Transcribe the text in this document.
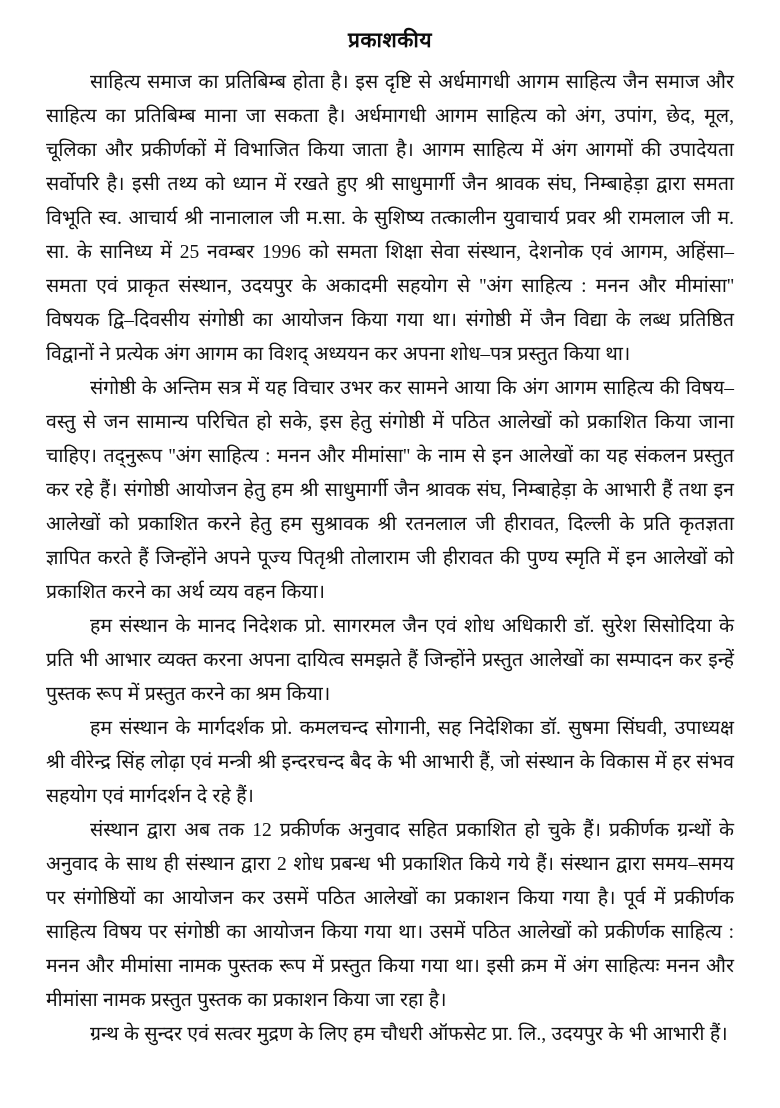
प्रकाशकीय

साहित्य समाज का प्रतिबिम्ब होता है। इस दृष्टि से अर्धमागधी आगम साहित्य जैन समाज और साहित्य का प्रतिबिम्ब माना जा सकता है। अर्धमागधी आगम साहित्य को अंग, उपांग, छेद, मूल, चूलिका और प्रकीर्णकों में विभाजित किया जाता है। आगम साहित्य में अंग आगमों की उपादेयता सर्वोपरि है। इसी तथ्य को ध्यान में रखते हुए श्री साधुमार्गी जैन श्रावक संघ, निम्बाहेड़ा द्वारा समता विभूति स्व. आचार्य श्री नानालाल जी म.सा. के सुशिष्य तत्कालीन युवाचार्य प्रवर श्री रामलाल जी म. सा. के सानिध्य में 25 नवम्बर 1996 को समता शिक्षा सेवा संस्थान, देशनोक एवं आगम, अहिंसा–समता एवं प्राकृत संस्थान, उदयपुर के अकादमी सहयोग से ''अंग साहित्य : मनन और मीमांसा'' विषयक द्वि–दिवसीय संगोष्ठी का आयोजन किया गया था। संगोष्ठी में जैन विद्या के लब्ध प्रतिष्ठित विद्वानों ने प्रत्येक अंग आगम का विशद् अध्ययन कर अपना शोध–पत्र प्रस्तुत किया था।

संगोष्ठी के अन्तिम सत्र में यह विचार उभर कर सामने आया कि अंग आगम साहित्य की विषय–वस्तु से जन सामान्य परिचित हो सके, इस हेतु संगोष्ठी में पठित आलेखों को प्रकाशित किया जाना चाहिए। तद्नुरूप ''अंग साहित्य : मनन और मीमांसा'' के नाम से इन आलेखों का यह संकलन प्रस्तुत कर रहे हैं। संगोष्ठी आयोजन हेतु हम श्री साधुमार्गी जैन श्रावक संघ, निम्बाहेड़ा के आभारी हैं तथा इन आलेखों को प्रकाशित करने हेतु हम सुश्रावक श्री रतनलाल जी हीरावत, दिल्ली के प्रति कृतज्ञता ज्ञापित करते हैं जिन्होंने अपने पूज्य पितृश्री तोलाराम जी हीरावत की पुण्य स्मृति में इन आलेखों को प्रकाशित करने का अर्थ व्यय वहन किया।

हम संस्थान के मानद निदेशक प्रो. सागरमल जैन एवं शोध अधिकारी डॉ. सुरेश सिसोदिया के प्रति भी आभार व्यक्त करना अपना दायित्व समझते हैं जिन्होंने प्रस्तुत आलेखों का सम्पादन कर इन्हें पुस्तक रूप में प्रस्तुत करने का श्रम किया।

हम संस्थान के मार्गदर्शक प्रो. कमलचन्द सोगानी, सह निदेशिका डॉ. सुषमा सिंघवी, उपाध्यक्ष श्री वीरेन्द्र सिंह लोढ़ा एवं मन्त्री श्री इन्दरचन्द बैद के भी आभारी हैं, जो संस्थान के विकास में हर संभव सहयोग एवं मार्गदर्शन दे रहे हैं।

संस्थान द्वारा अब तक 12 प्रकीर्णक अनुवाद सहित प्रकाशित हो चुके हैं। प्रकीर्णक ग्रन्थों के अनुवाद के साथ ही संस्थान द्वारा 2 शोध प्रबन्ध भी प्रकाशित किये गये हैं। संस्थान द्वारा समय–समय पर संगोष्ठियों का आयोजन कर उसमें पठित आलेखों का प्रकाशन किया गया है। पूर्व में प्रकीर्णक साहित्य विषय पर संगोष्ठी का आयोजन किया गया था। उसमें पठित आलेखों को प्रकीर्णक साहित्य : मनन और मीमांसा नामक पुस्तक रूप में प्रस्तुत किया गया था। इसी क्रम में अंग साहित्यः मनन और मीमांसा नामक प्रस्तुत पुस्तक का प्रकाशन किया जा रहा है।

ग्रन्थ के सुन्दर एवं सत्वर मुद्रण के लिए हम चौधरी ऑफसेट प्रा. लि., उदयपुर के भी आभारी हैं।
